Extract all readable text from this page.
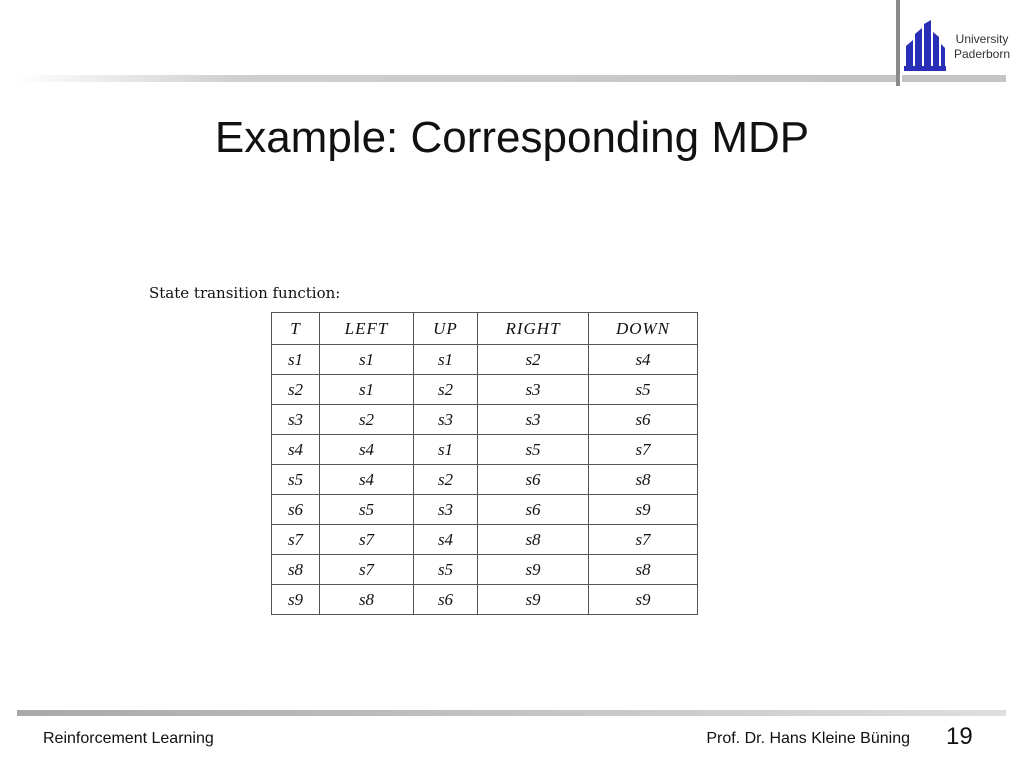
University
Paderborn
Example: Corresponding MDP
State transition function:
T	LEFT	UP	RIGHT	DOWN
s1	s1	s1	s2	s4
s2	s1	s2	s3	s5
s3	s2	s3	s3	s6
s4	s4	s1	s5	s7
s5	s4	s2	s6	s8
s6	s5	s3	s6	s9
s7	s7	s4	s8	s7
s8	s7	s5	s9	s8
s9	s8	s6	s9	s9
Reinforcement Learning	Prof. Dr. Hans Kleine Büning 19
